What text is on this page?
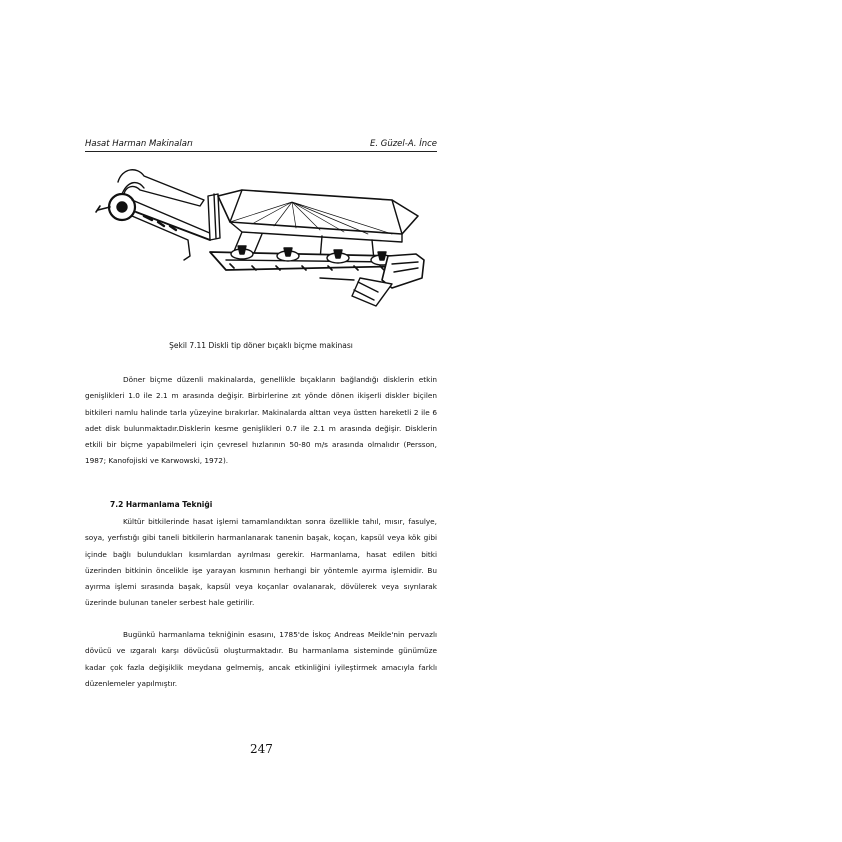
Hasat Harman Makinaları	E. Güzel-A. İnce
Şekil 7.11 Diskli tip döner bıçaklı biçme makinası

Döner biçme düzenli makinalarda, genellikle bıçakların bağlandığı disklerin etkin genişlikleri 1.0 ile 2.1 m arasında değişir. Birbirlerine zıt yönde dönen ikişerli diskler biçilen bitkileri namlu halinde tarla yüzeyine bırakırlar. Makinalarda alttan veya üstten hareketli 2 ile 6 adet disk bulunmaktadır.Disklerin kesme genişlikleri 0.7 ile 2.1 m arasında değişir. Disklerin etkili bir biçme yapabilmeleri için çevresel hızlarının 50-80 m/s arasında olmalıdır (Persson, 1987; Kanofojiski ve Karwowski, 1972).

7.2 Harmanlama Tekniği

Kültür bitkilerinde hasat işlemi tamamlandıktan sonra özellikle tahıl, mısır, fasulye, soya, yerfıstığı gibi taneli bitkilerin harmanlanarak tanenin başak, koçan, kapsül veya kök gibi içinde bağlı bulundukları kısımlardan ayrılması gerekir. Harmanlama, hasat edilen bitki üzerinden bitkinin öncelikle işe yarayan kısmının herhangi bir yöntemle ayırma işlemidir. Bu ayırma işlemi sırasında başak, kapsül veya koçanlar ovalanarak, dövülerek veya sıyrılarak üzerinde bulunan taneler serbest hale getirilir.

Bugünkü harmanlama tekniğinin esasını, 1785'de İskoç Andreas Meikle'nin pervazlı dövücü ve ızgaralı karşı dövücüsü oluşturmaktadır. Bu harmanlama sisteminde günümüze kadar çok fazla değişiklik meydana gelmemiş, ancak etkinliğini iyileştirmek amacıyla farklı düzenlemeler yapılmıştır.

247
